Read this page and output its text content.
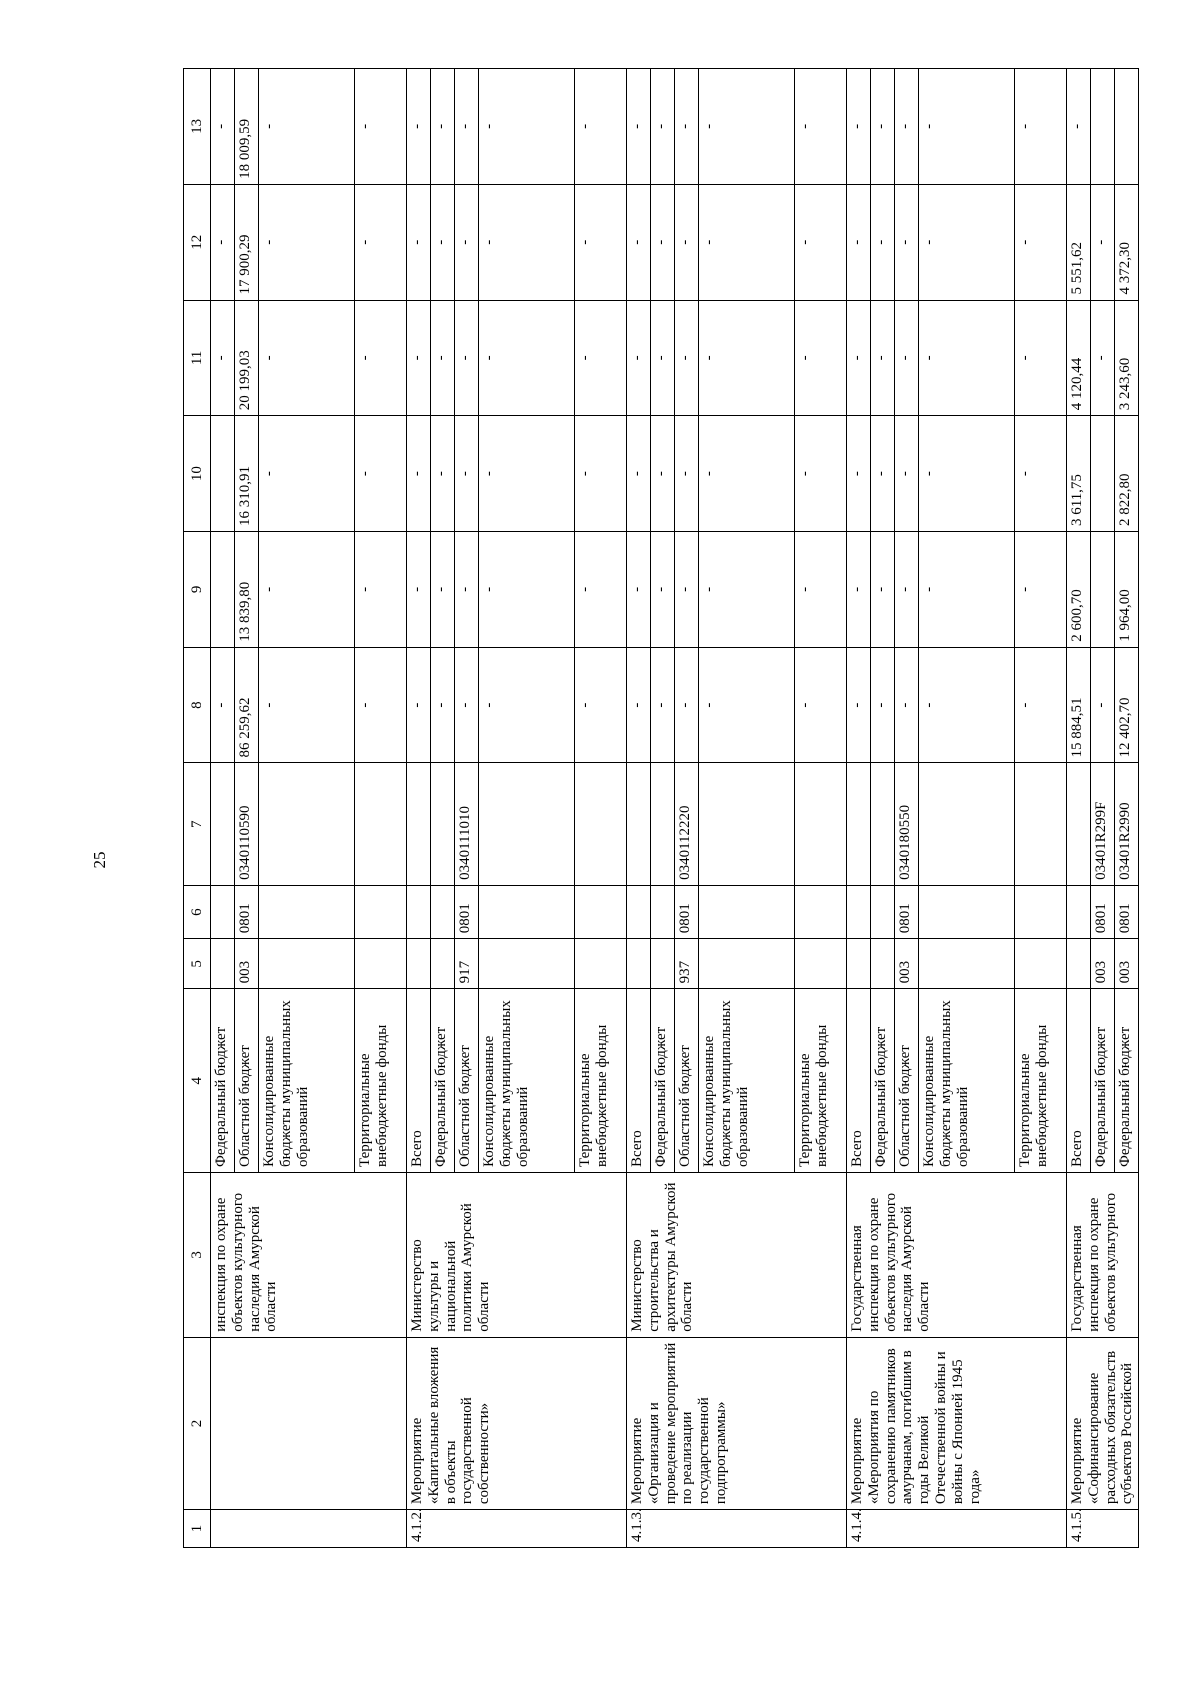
25
1	2	3	4	5	6	7	8	9	10	11	12	13
		инспекция по охране объектов культурного наследия Амурской области	Федеральный бюджет				-			-	-	-
			Областной бюджет	003	0801	0340110590	86 259,62	13 839,80	16 310,91	20 199,03	17 900,29	18 009,59
			Консолидированные бюджеты муниципальных образований				-	-	-	-	-	-
			Территориальные внебюджетные фонды				-	-	-	-	-	-
4.1.2.	Мероприятие «Капитальные вложения в объекты государственной собственности»	Министерство культуры и национальной политики Амурской области	Всего				-	-	-	-	-	-
			Федеральный бюджет				-	-	-	-	-	-
			Областной бюджет	917	0801	0340111010	-	-	-	-	-	-
			Консолидированные бюджеты муниципальных образований				-	-	-	-	-	-
			Территориальные внебюджетные фонды				-	-	-	-	-	-
4.1.3.	Мероприятие «Организация и проведение мероприятий по реализации государственной подпрограммы»	Министерство строительства и архитектуры Амурской области	Всего				-	-	-	-	-	-
			Федеральный бюджет				-	-	-	-	-	-
			Областной бюджет	937	0801	0340112220	-	-	-	-	-	-
			Консолидированные бюджеты муниципальных образований				-	-	-	-	-	-
			Территориальные внебюджетные фонды				-	-	-	-	-	-
4.1.4.	Мероприятие «Мероприятия по сохранению памятников амурчанам, погибшим в годы Великой Отечественной войны и войны с Японией 1945 года»	Государственная инспекция по охране объектов культурного наследия Амурской области	Всего				-	-	-	-	-	-
			Федеральный бюджет				-	-	-	-	-	-
			Областной бюджет	003	0801	0340180550	-	-	-	-	-	-
			Консолидированные бюджеты муниципальных образований				-	-	-	-	-	-
			Территориальные внебюджетные фонды				-	-	-	-	-	-
4.1.5.	Мероприятие «Софинансирование расходных обязательств субъектов Российской	Государственная инспекция по охране объектов культурного	Всего				15 884,51	2 600,70	3 611,75	4 120,44	5 551,62	-
			Федеральный бюджет	003	0801	03401R299F	-			-	-	
			Федеральный бюджет	003	0801	03401R2990	12 402,70	1 964,00	2 822,80	3 243,60	4 372,30	
